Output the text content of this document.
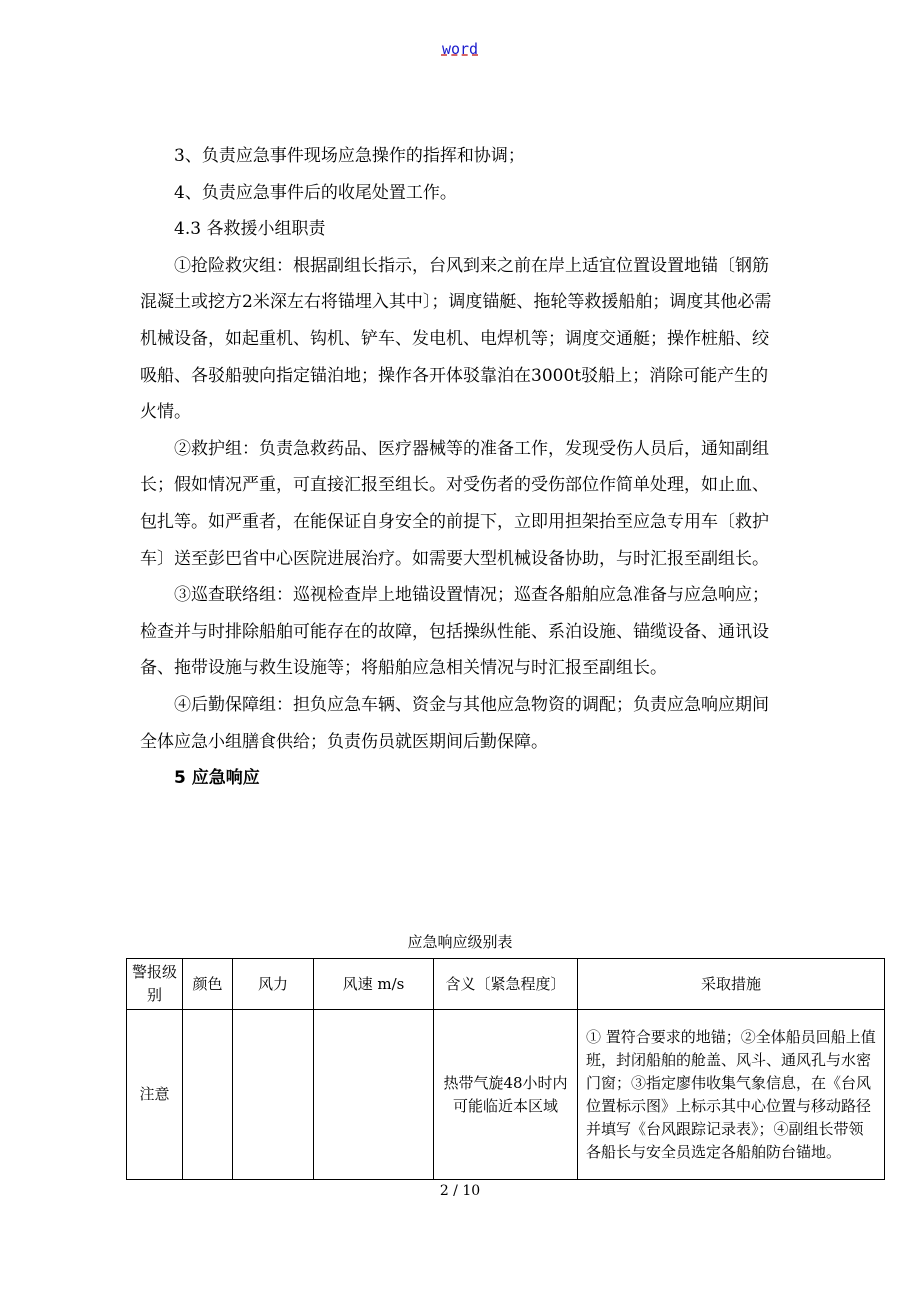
word

3、负责应急事件现场应急操作的指挥和协调；

4、负责应急事件后的收尾处置工作。

4.3 各救援小组职责

①抢险救灾组：根据副组长指示，台风到来之前在岸上适宜位置设置地锚〔钢筋混凝土或挖方2米深左右将锚埋入其中〕；调度锚艇、拖轮等救援船舶；调度其他必需机械设备，如起重机、钩机、铲车、发电机、电焊机等；调度交通艇；操作桩船、绞吸船、各驳船驶向指定锚泊地；操作各开体驳靠泊在3000t驳船上；消除可能产生的火情。

②救护组：负责急救药品、医疗器械等的准备工作，发现受伤人员后，通知副组长；假如情况严重，可直接汇报至组长。对受伤者的受伤部位作简单处理，如止血、包扎等。如严重者，在能保证自身安全的前提下，立即用担架抬至应急专用车〔救护车〕送至彭巴省中心医院进展治疗。如需要大型机械设备协助，与时汇报至副组长。

③巡查联络组：巡视检查岸上地锚设置情况；巡查各船舶应急准备与应急响应；检查并与时排除船舶可能存在的故障，包括操纵性能、系泊设施、锚缆设备、通讯设备、拖带设施与救生设施等；将船舶应急相关情况与时汇报至副组长。

④后勤保障组：担负应急车辆、资金与其他应急物资的调配；负责应急响应期间全体应急小组膳食供给；负责伤员就医期间后勤保障。

5 应急响应

应急响应级别表
警报级别	颜色	风力	风速 m/s	含义〔紧急程度〕	采取措施
注意				热带气旋48小时内可能临近本区域	① 置符合要求的地锚；②全体船员回船上值班，封闭船舶的舱盖、风斗、通风孔与水密门窗；③指定廖伟收集气象信息，在《台风位置标示图》上标示其中心位置与移动路径并填写《台风跟踪记录表》；④副组长带领各船长与安全员选定各船舶防台锚地。
2 / 10
